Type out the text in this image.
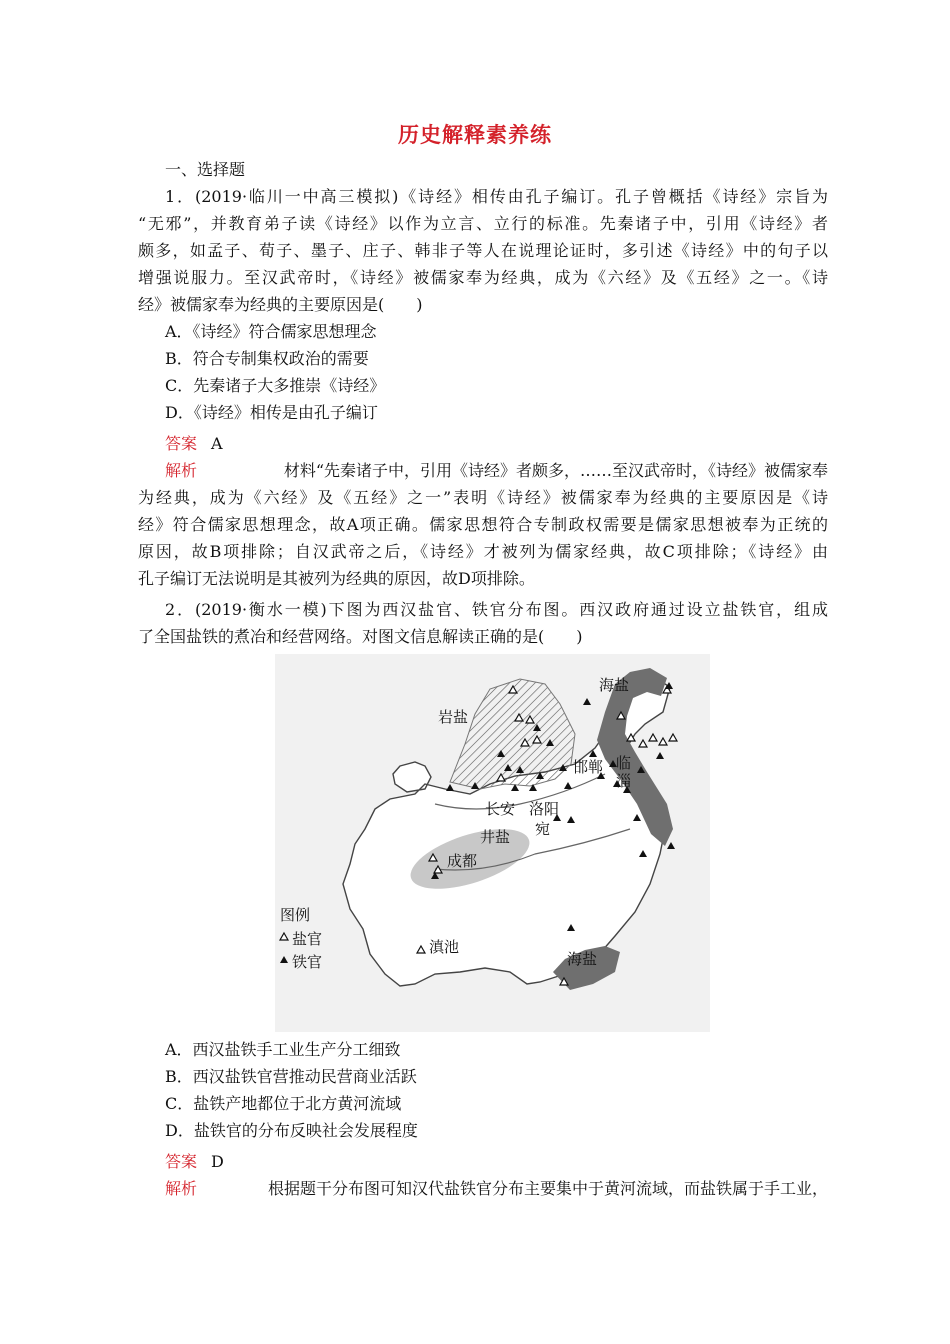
历史解释素养练
一、选择题
1．(2019·临川一中高三模拟)《诗经》相传由孔子编订。孔子曾概括《诗经》宗旨为
“无邪”，并教育弟子读《诗经》以作为立言、立行的标准。先秦诸子中，引用《诗经》者
颇多，如孟子、荀子、墨子、庄子、韩非子等人在说理论证时，多引述《诗经》中的句子以
增强说服力。至汉武帝时，《诗经》被儒家奉为经典，成为《六经》及《五经》之一。《诗
经》被儒家奉为经典的主要原因是(　　)
A．《诗经》符合儒家思想理念
B．符合专制集权政治的需要
C．先秦诸子大多推崇《诗经》
D．《诗经》相传是由孔子编订
答案 A
解析	材料“先秦诸子中，引用《诗经》者颇多，……至汉武帝时，《诗经》被儒家奉
为经典，成为《六经》及《五经》之一”表明《诗经》被儒家奉为经典的主要原因是《诗
经》符合儒家思想理念，故A项正确。儒家思想符合专制政权需要是儒家思想被奉为正统的
原因，故B项排除；自汉武帝之后，《诗经》才被列为儒家经典，故C项排除；《诗经》由
孔子编订无法说明是其被列为经典的原因，故D项排除。
2．(2019·衡水一模)下图为西汉盐官、铁官分布图。西汉政府通过设立盐铁官，组成
了全国盐铁的煮冶和经营网络。对图文信息解读正确的是(　　)
海盐
岩盐
邯郸 临
淄
长安 洛阳
宛
井盐
成都
滇池
海盐
图例
盐官
铁官
A．西汉盐铁手工业生产分工细致
B．西汉盐铁官营推动民营商业活跃
C．盐铁产地都位于北方黄河流域
D．盐铁官的分布反映社会发展程度
答案 D
解析	根据题干分布图可知汉代盐铁官分布主要集中于黄河流域，而盐铁属于手工业，
